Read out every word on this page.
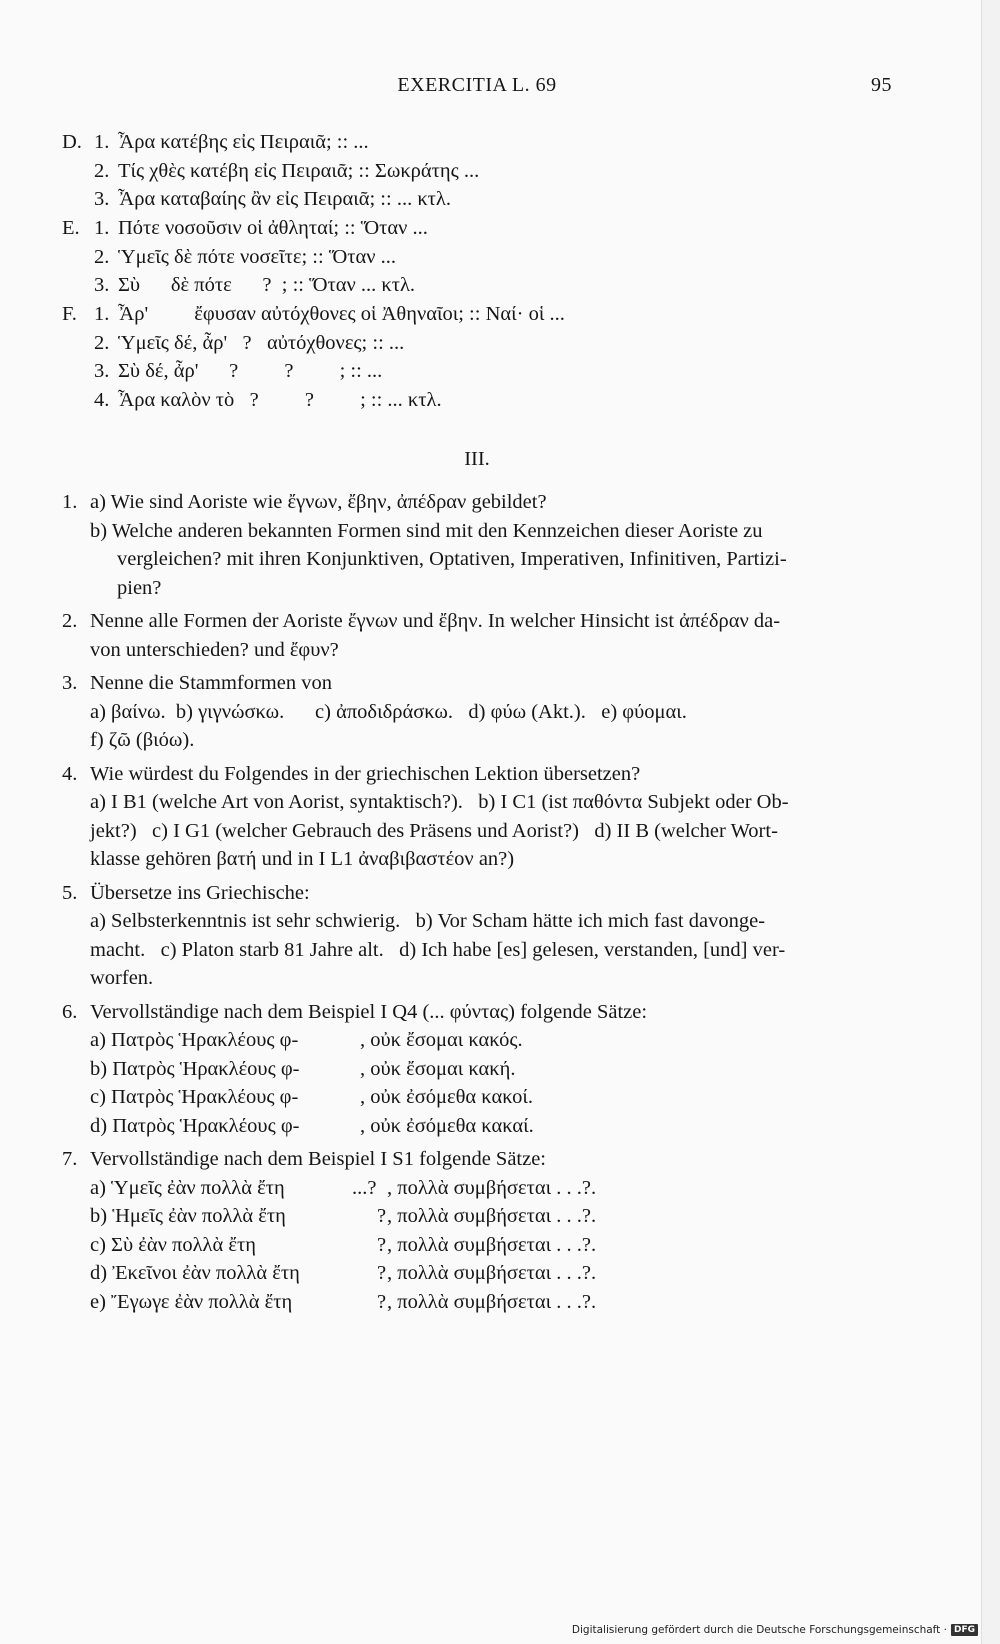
EXERCITIA L. 69	95
D. 1. Ἆρα κατέβης εἰς Πειραιᾶ; :: ...
2. Τίς χθὲς κατέβη εἰς Πειραιᾶ; :: Σωκράτης ...
3. Ἆρα καταβαίης ἂν εἰς Πειραιᾶ; :: ... κτλ.
E. 1. Πότε νοσοῦσιν οἱ ἀθληταί; :: Ὅταν ...
2. Ὑμεῖς δὲ πότε νοσεῖτε; :: Ὅταν ...
3. Σὺ      δὲ πότε      ?  ; :: Ὅταν ... κτλ.
F. 1. Ἆρ'         ἔφυσαν αὐτόχθονες οἱ Ἀθηναῖοι; :: Ναί· οἱ ...
2. Ὑμεῖς δέ, ἆρ'   ?   αὐτόχθονες; :: ...
3. Σὺ δέ, ἆρ'      ?         ?         ; :: ...
4. Ἆρα καλὸν τὸ   ?         ?         ; :: ... κτλ.
III.
1. a) Wie sind Aoriste wie ἔγνων, ἔβην, ἀπέδραν gebildet?
b) Welche anderen bekannten Formen sind mit den Kennzeichen dieser Aoriste zu
vergleichen? mit ihren Konjunktiven, Optativen, Imperativen, Infinitiven, Partizi-
pien?
2. Nenne alle Formen der Aoriste ἔγνων und ἔβην. In welcher Hinsicht ist ἀπέδραν da-
von unterschieden? und ἔφυν?
3. Nenne die Stammformen von
a) βαίνω.  b) γιγνώσκω.      c) ἀποδιδράσκω.   d) φύω (Akt.).   e) φύομαι.
f) ζῶ (βιόω).
4. Wie würdest du Folgendes in der griechischen Lektion übersetzen?
a) I B1 (welche Art von Aorist, syntaktisch?).   b) I C1 (ist παθόντα Subjekt oder Ob-
jekt?)   c) I G1 (welcher Gebrauch des Präsens und Aorist?)   d) II B (welcher Wort-
klasse gehören βατή und in I L1 ἀναβιβαστέον an?)
5. Übersetze ins Griechische:
a) Selbsterkenntnis ist sehr schwierig.   b) Vor Scham hätte ich mich fast davonge-
macht.   c) Platon starb 81 Jahre alt.   d) Ich habe [es] gelesen, verstanden, [und] ver-
worfen.
6. Vervollständige nach dem Beispiel I Q4 (... φύντας) folgende Sätze:
a) Πατρὸς Ἡρακλέους φ-	, οὐκ ἔσομαι κακός.
b) Πατρὸς Ἡρακλέους φ-	, οὐκ ἔσομαι κακή.
c) Πατρὸς Ἡρακλέους φ-	, οὐκ ἐσόμεθα κακοί.
d) Πατρὸς Ἡρακλέους φ-	, οὐκ ἐσόμεθα κακαί.
7. Vervollständige nach dem Beispiel I S1 folgende Sätze:
a) Ὑμεῖς ἐὰν πολλὰ ἔτη	...? , πολλὰ συμβήσεται . . .?.
b) Ἡμεῖς ἐὰν πολλὰ ἔτη	? , πολλὰ συμβήσεται . . .?.
c) Σὺ ἐὰν πολλὰ ἔτη	? , πολλὰ συμβήσεται . . .?.
d) Ἐκεῖνοι ἐὰν πολλὰ ἔτη	? , πολλὰ συμβήσεται . . .?.
e) Ἔγωγε ἐὰν πολλὰ ἔτη	? , πολλὰ συμβήσεται . . .?.
Digitalisierung gefördert durch die Deutsche Forschungsgemeinschaft · DFG
